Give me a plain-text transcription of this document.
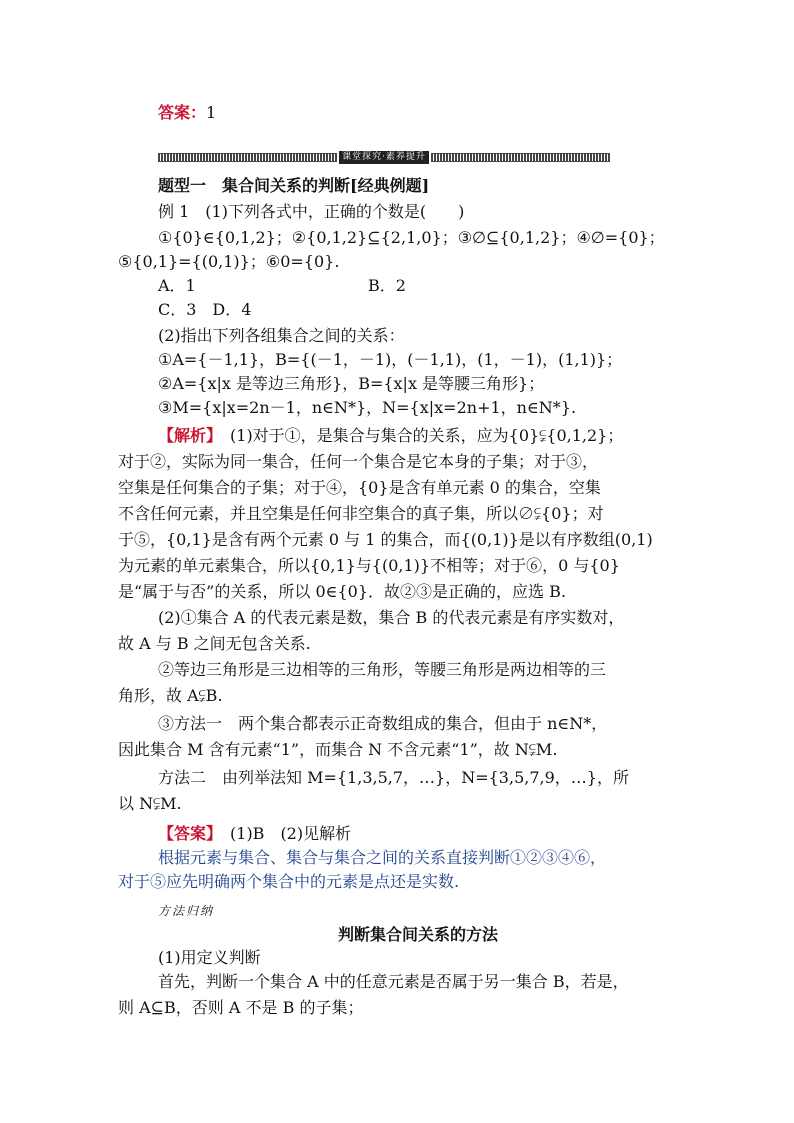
答案：1
课堂探究·素养提升
题型一　集合间关系的判断[经典例题]
例 1　(1)下列各式中，正确的个数是(　　)
①{0}∈{0,1,2}；②{0,1,2}⊆{2,1,0}；③∅⊆{0,1,2}；④∅={0}；
⑤{0,1}={(0,1)}；⑥0={0}.
A．1	B．2
C．3　D．4
(2)指出下列各组集合之间的关系：
①A={－1,1}，B={(－1，－1)，(－1,1)，(1，－1)，(1,1)}；
②A={x|x 是等边三角形}，B={x|x 是等腰三角形}；
③M={x|x=2n－1，n∈N*}，N={x|x=2n+1，n∈N*}.
【解析】　(1)对于①，是集合与集合的关系，应为{0}⫋{0,1,2}；
对于②，实际为同一集合，任何一个集合是它本身的子集；对于③，
空集是任何集合的子集；对于④，{0}是含有单元素 0 的集合，空集
不含任何元素，并且空集是任何非空集合的真子集，所以∅⫋{0}；对
于⑤，{0,1}是含有两个元素 0 与 1 的集合，而{(0,1)}是以有序数组(0,1)
为元素的单元素集合，所以{0,1}与{(0,1)}不相等；对于⑥，0 与{0}
是“属于与否”的关系，所以 0∈{0}．故②③是正确的，应选 B.
(2)①集合 A 的代表元素是数，集合 B 的代表元素是有序实数对，
故 A 与 B 之间无包含关系.
②等边三角形是三边相等的三角形，等腰三角形是两边相等的三
角形，故 A⫋B.
③方法一　两个集合都表示正奇数组成的集合，但由于 n∈N*，
因此集合 M 含有元素“1”，而集合 N 不含元素“1”，故 N⫋M.
方法二　由列举法知 M={1,3,5,7，…}，N={3,5,7,9，…}，所
以 N⫋M.
【答案】　(1)B　(2)见解析
根据元素与集合、集合与集合之间的关系直接判断①②③④⑥，
对于⑤应先明确两个集合中的元素是点还是实数.
方法归纳
判断集合间关系的方法
(1)用定义判断
首先，判断一个集合 A 中的任意元素是否属于另一集合 B，若是，
则 A⊆B，否则 A 不是 B 的子集；
